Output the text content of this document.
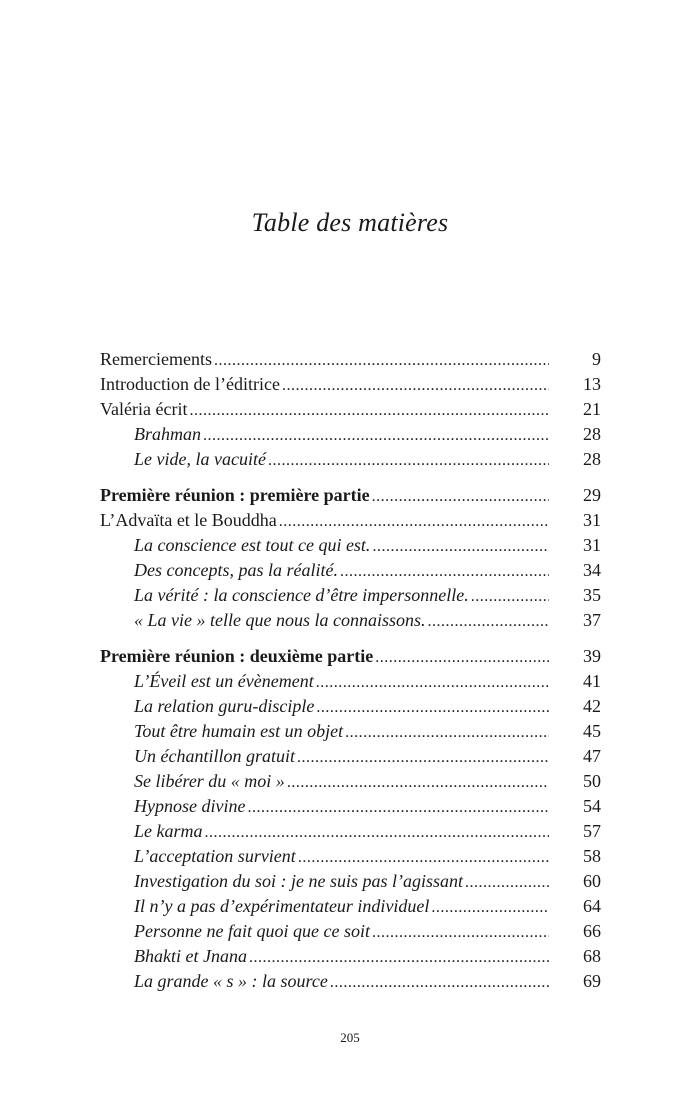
Table des matières
Remerciements .....	9
Introduction de l’éditrice .....	13
Valéria écrit .....	21
Brahman .....	28
Le vide, la vacuité .....	28
Première réunion : première partie .....	29
L’Advaïta et le Bouddha .....	31
La conscience est tout ce qui est. .....	31
Des concepts, pas la réalité. .....	34
La vérité : la conscience d’être impersonnelle. .....	35
« La vie » telle que nous la connaissons. .....	37
Première réunion : deuxième partie .....	39
L’Éveil est un évènement .....	41
La relation guru-disciple .....	42
Tout être humain est un objet .....	45
Un échantillon gratuit .....	47
Se libérer du « moi » .....	50
Hypnose divine .....	54
Le karma .....	57
L’acceptation survient .....	58
Investigation du soi : je ne suis pas l’agissant .....	60
Il n’y a pas d’expérimentateur individuel .....	64
Personne ne fait quoi que ce soit .....	66
Bhakti et Jnana .....	68
La grande « s » : la source .....	69
205
